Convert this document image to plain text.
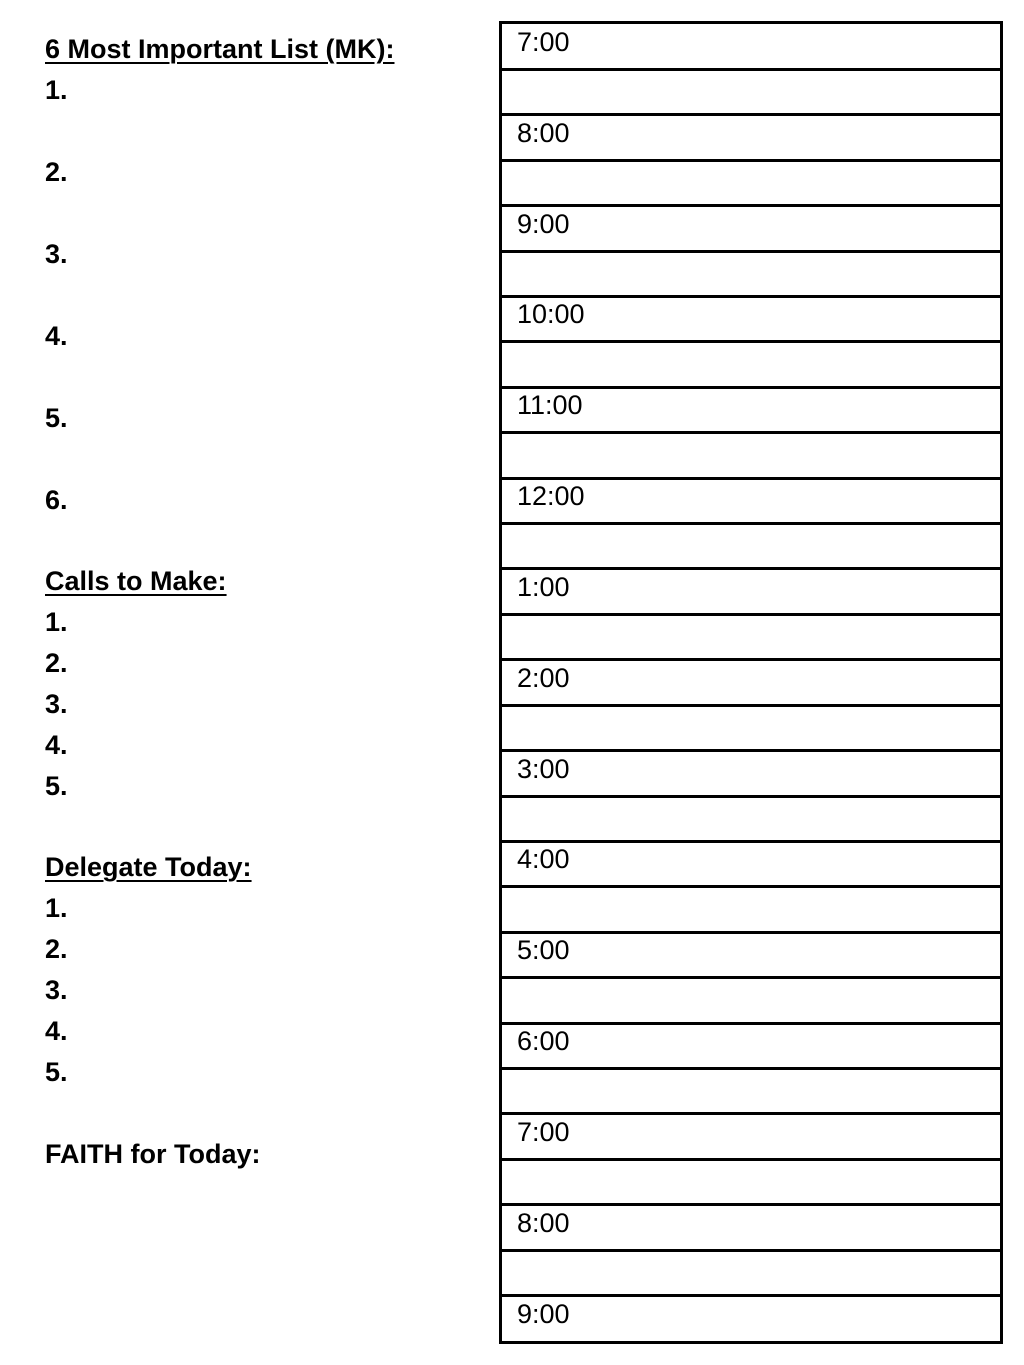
6 Most Important List (MK):
1.
2.
3.
4.
5.
6.
Calls to Make:
1.
2.
3.
4.
5.
Delegate Today:
1.
2.
3.
4.
5.
FAITH for Today:
7:00
8:00
9:00
10:00
11:00
12:00
1:00
2:00
3:00
4:00
5:00
6:00
7:00
8:00
9:00
